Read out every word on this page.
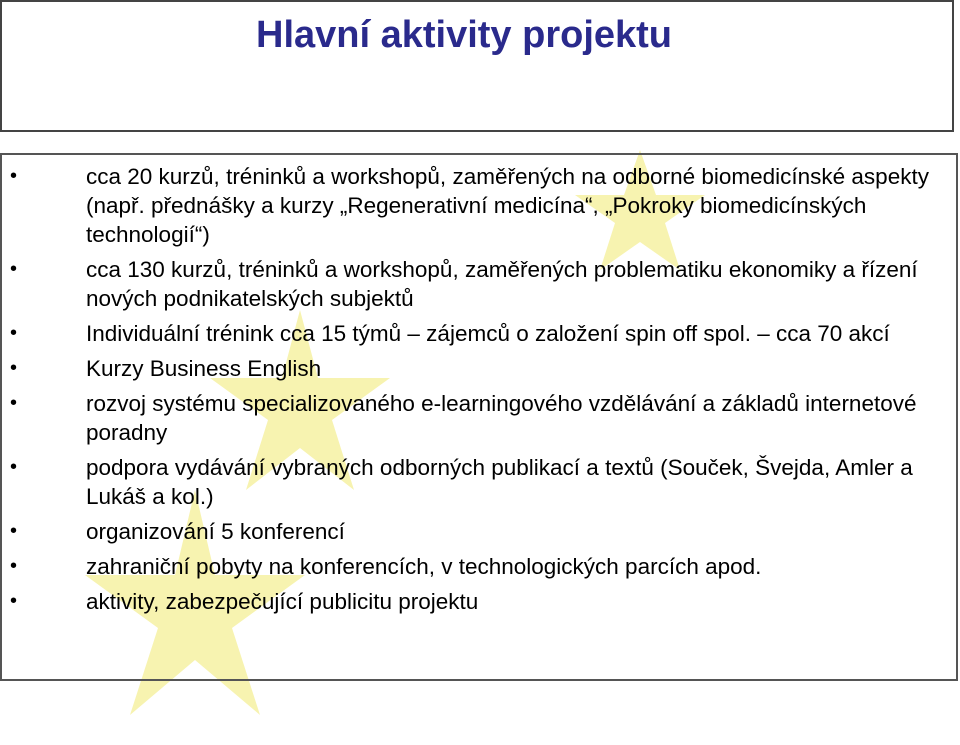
Hlavní aktivity projektu
•	cca 20 kurzů, tréninků a workshopů, zaměřených na odborné biomedicínské aspekty (např. přednášky a kurzy „Regenerativní medicína“, „Pokroky biomedicínských technologií“)
•	cca 130 kurzů, tréninků a workshopů, zaměřených problematiku ekonomiky a řízení nových podnikatelských subjektů
•	Individuální trénink cca 15 týmů – zájemců o založení spin off spol. – cca 70 akcí
•	Kurzy Business English
•	rozvoj systému specializovaného e-learningového vzdělávání a základů internetové poradny
•	podpora vydávání vybraných odborných publikací a textů (Souček, Švejda, Amler a Lukáš a kol.)
•	organizování 5 konferencí
•	zahraniční pobyty na konferencích, v technologických parcích apod.
•	aktivity, zabezpečující publicitu projektu
